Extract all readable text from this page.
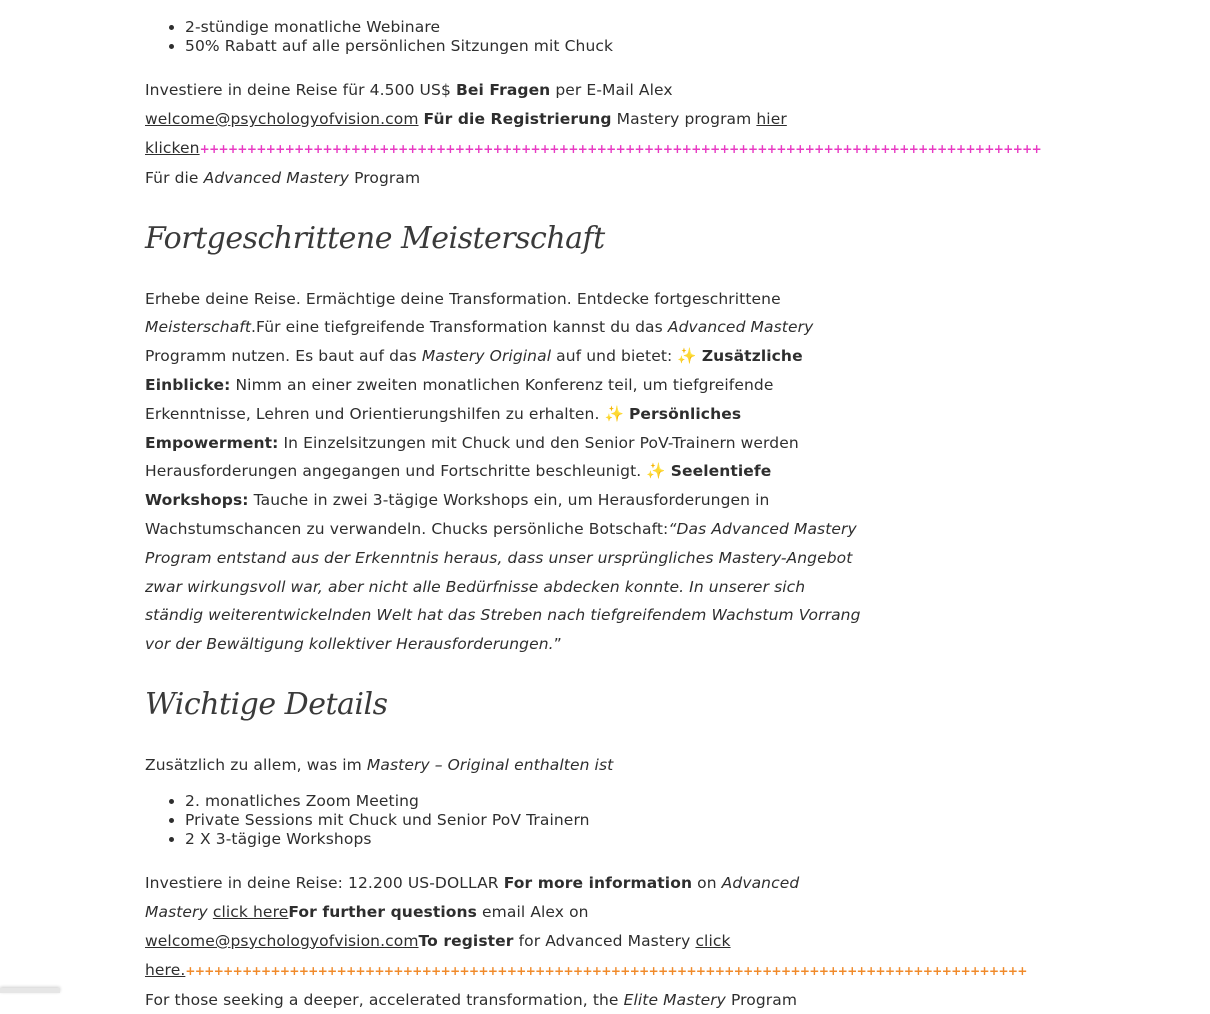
• 2-stündige monatliche Webinare
• 50% Rabatt auf alle persönlichen Sitzungen mit Chuck

Investiere in deine Reise für 4.500 US$ Bei Fragen per E-Mail Alex
welcome@psychologyofvision.com Für die Registrierung Mastery program hier klicken+++++++++++++++++++++++++++++++++++++++++++++++++++++++++++++++++++++++++++++++++++++++++

Für die Advanced Mastery Program

Fortgeschrittene Meisterschaft

Erhebe deine Reise. Ermächtige deine Transformation. Entdecke fortgeschrittene Meisterschaft.Für eine tiefgreifende Transformation kannst du das Advanced Mastery Programm nutzen. Es baut auf das Mastery Original auf und bietet: ✨ Zusätzliche Einblicke: Nimm an einer zweiten monatlichen Konferenz teil, um tiefgreifende Erkenntnisse, Lehren und Orientierungshilfen zu erhalten. ✨ Persönliches Empowerment: In Einzelsitzungen mit Chuck und den Senior PoV-Trainern werden Herausforderungen angegangen und Fortschritte beschleunigt. ✨ Seelentiefe Workshops: Tauche in zwei 3-tägige Workshops ein, um Herausforderungen in Wachstumschancen zu verwandeln. Chucks persönliche Botschaft:“Das Advanced Mastery Program entstand aus der Erkenntnis heraus, dass unser ursprüngliches Mastery-Angebot zwar wirkungsvoll war, aber nicht alle Bedürfnisse abdecken konnte. In unserer sich ständig weiterentwickelnden Welt hat das Streben nach tiefgreifendem Wachstum Vorrang vor der Bewältigung kollektiver Herausforderungen.”

Wichtige Details

Zusätzlich zu allem, was im Mastery – Original enthalten ist

• 2. monatliches Zoom Meeting
• Private Sessions mit Chuck und Senior PoV Trainern
• 2 X 3-tägige Workshops

Investiere in deine Reise: 12.200 US-DOLLAR For more information on Advanced Mastery click hereFor further questions email Alex on
welcome@psychologyofvision.comTo register for Advanced Mastery click here.+++++++++++++++++++++++++++++++++++++++++++++++++++++++++++++++++++++++++++++++++++++++++

For those seeking a deeper, accelerated transformation, the Elite Mastery Program
